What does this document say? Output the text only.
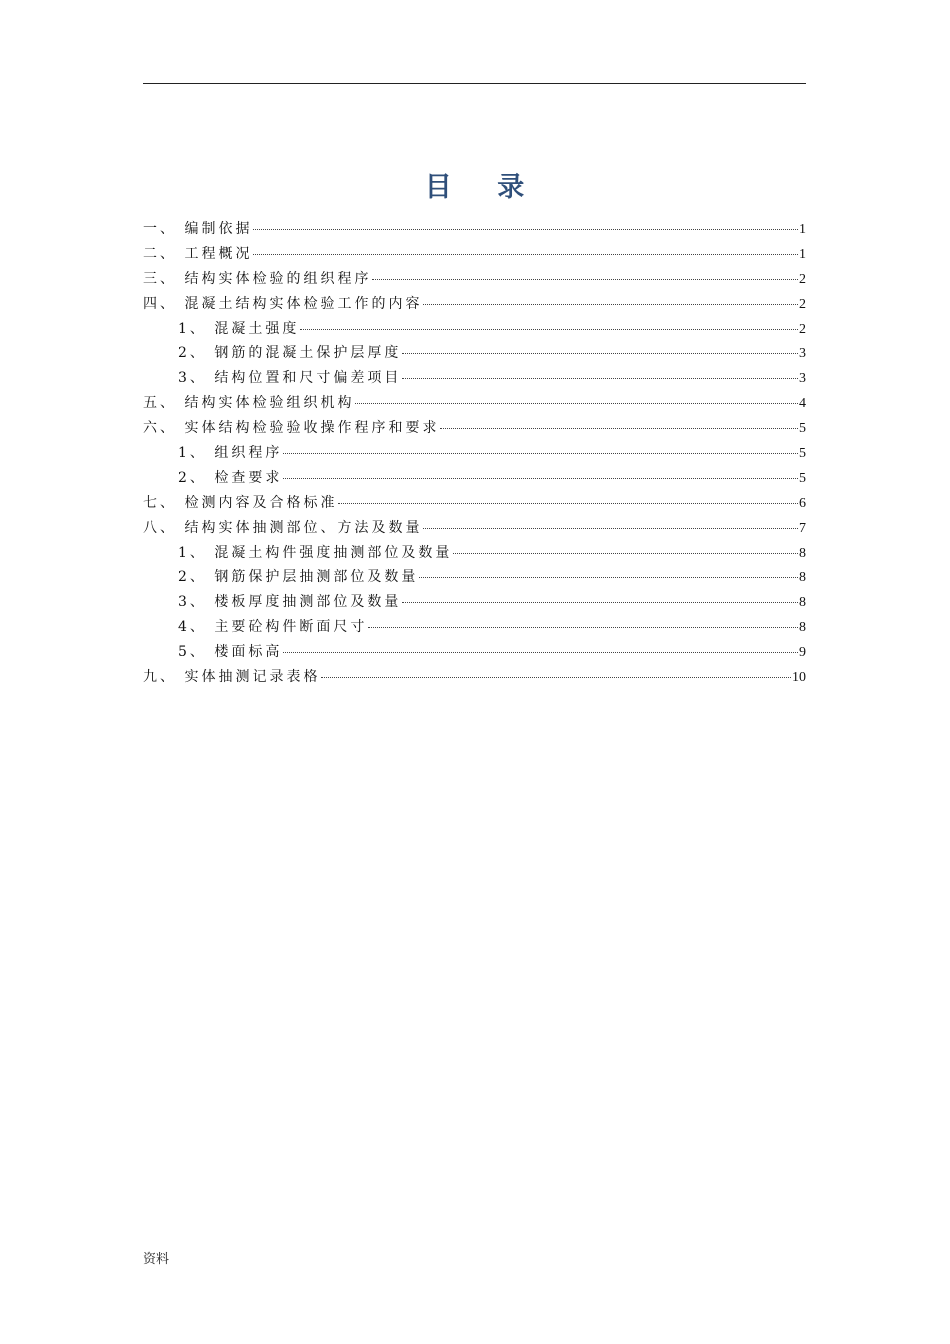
目 录
一、 编制依据	1
二、 工程概况	1
三、 结构实体检验的组织程序	2
四、 混凝土结构实体检验工作的内容	2
1、 混凝土强度	2
2、 钢筋的混凝土保护层厚度	3
3、 结构位置和尺寸偏差项目	3
五、 结构实体检验组织机构	4
六、 实体结构检验验收操作程序和要求	5
1、 组织程序	5
2、 检查要求	5
七、 检测内容及合格标准	6
八、 结构实体抽测部位、方法及数量	7
1、 混凝土构件强度抽测部位及数量	8
2、 钢筋保护层抽测部位及数量	8
3、 楼板厚度抽测部位及数量	8
4、 主要砼构件断面尺寸	8
5、 楼面标高	9
九、 实体抽测记录表格	10
资料
